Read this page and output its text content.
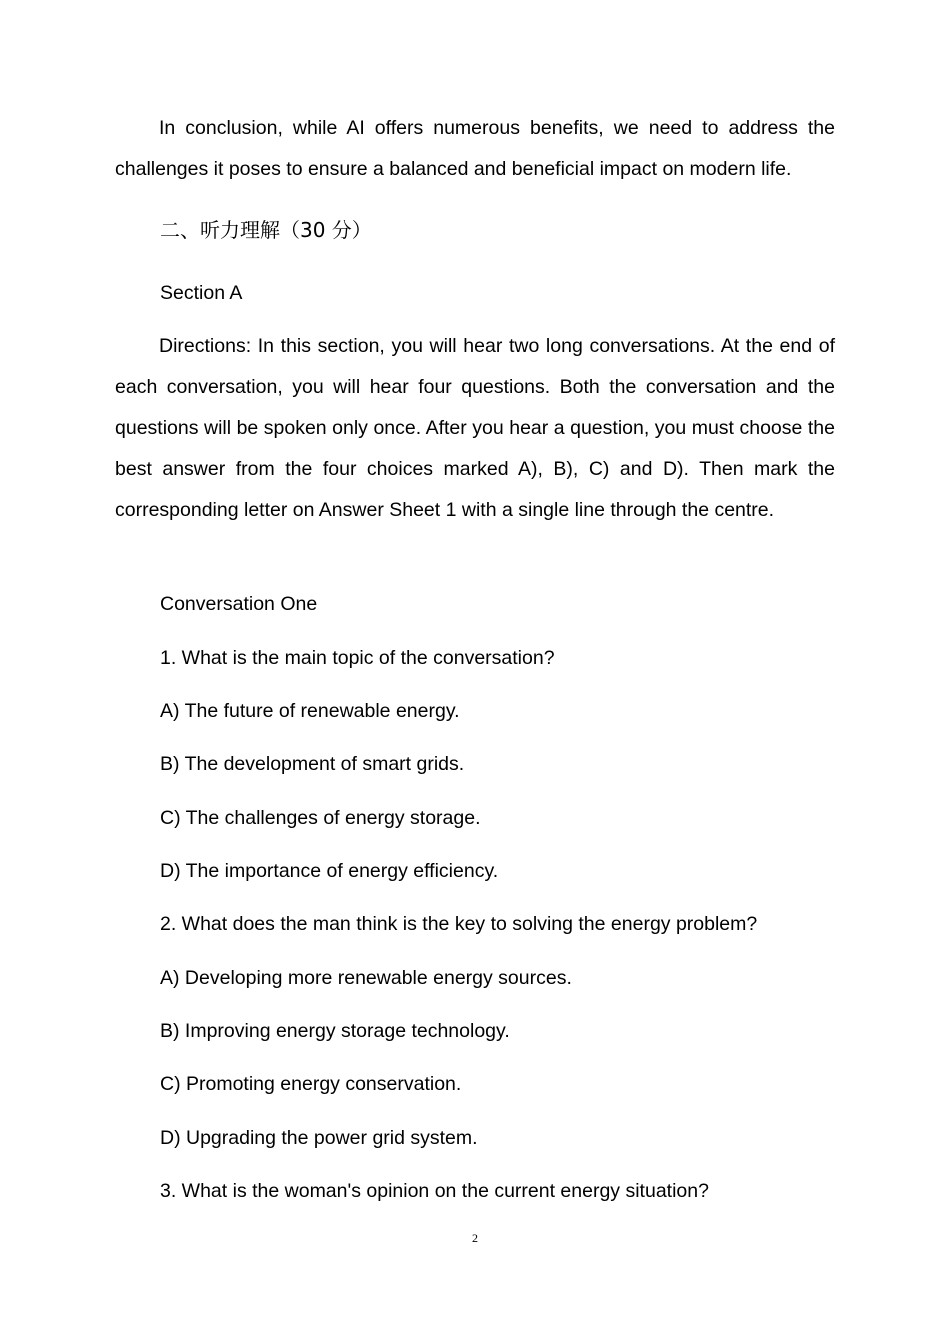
In conclusion, while AI offers numerous benefits, we need to address the challenges it poses to ensure a balanced and beneficial impact on modern life.
二、听力理解（30 分）
Section A
Directions: In this section, you will hear two long conversations. At the end of each conversation, you will hear four questions. Both the conversation and the questions will be spoken only once. After you hear a question, you must choose the best answer from the four choices marked A), B), C) and D). Then mark the corresponding letter on Answer Sheet 1 with a single line through the centre.
Conversation One
1. What is the main topic of the conversation?
A) The future of renewable energy.
B) The development of smart grids.
C) The challenges of energy storage.
D) The importance of energy efficiency.
2. What does the man think is the key to solving the energy problem?
A) Developing more renewable energy sources.
B) Improving energy storage technology.
C) Promoting energy conservation.
D) Upgrading the power grid system.
3. What is the woman's opinion on the current energy situation?
2
